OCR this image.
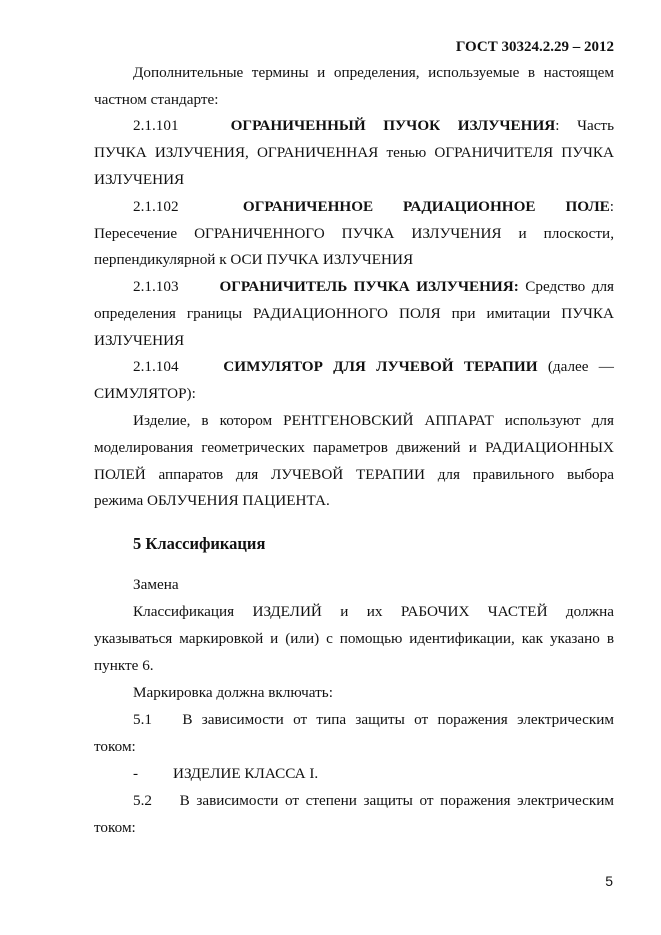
ГОСТ 30324.2.29 – 2012
Дополнительные термины и определения, используемые в настоящем
частном стандарте:
2.1.101	ОГРАНИЧЕННЫЙ ПУЧОК ИЗЛУЧЕНИЯ: Часть
ПУЧКА ИЗЛУЧЕНИЯ, ОГРАНИЧЕННАЯ тенью ОГРАНИЧИТЕЛЯ ПУЧКА
ИЗЛУЧЕНИЯ
2.1.102	ОГРАНИЧЕННОЕ РАДИАЦИОННОЕ ПОЛЕ:
Пересечение ОГРАНИЧЕННОГО ПУЧКА ИЗЛУЧЕНИЯ и плоскости,
перпендикулярной к ОСИ ПУЧКА ИЗЛУЧЕНИЯ
2.1.103	ОГРАНИЧИТЕЛЬ ПУЧКА ИЗЛУЧЕНИЯ: Средство для
определения границы РАДИАЦИОННОГО ПОЛЯ при имитации ПУЧКА
ИЗЛУЧЕНИЯ
2.1.104	СИМУЛЯТОР ДЛЯ ЛУЧЕВОЙ ТЕРАПИИ (далее —
СИМУЛЯТОР):
Изделие, в котором РЕНТГЕНОВСКИЙ АППАРАТ используют для
моделирования геометрических параметров движений и РАДИАЦИОННЫХ
ПОЛЕЙ аппаратов для ЛУЧЕВОЙ ТЕРАПИИ для правильного выбора
режима ОБЛУЧЕНИЯ ПАЦИЕНТА.
5 Классификация
Замена
Классификация ИЗДЕЛИЙ и их РАБОЧИХ ЧАСТЕЙ должна
указываться маркировкой и (или) с помощью идентификации, как указано в
пункте 6.
Маркировка должна включать:
5.1 В зависимости от типа защиты от поражения электрическим
током:
- ИЗДЕЛИЕ КЛАССА I.
5.2 В зависимости от степени защиты от поражения электрическим
током:
5
